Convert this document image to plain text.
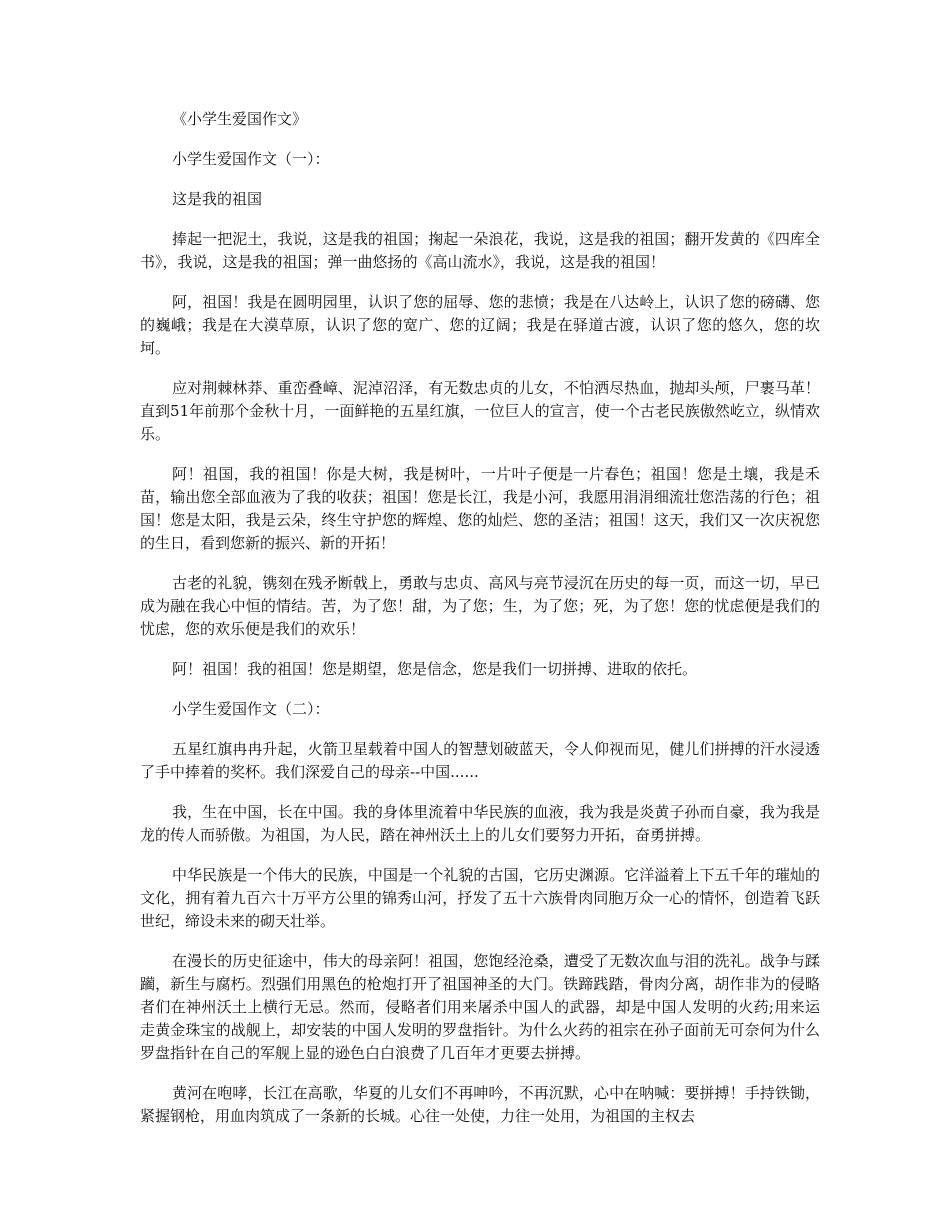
《小学生爱国作文》

小学生爱国作文（一）：

这是我的祖国

捧起一把泥土，我说，这是我的祖国；掬起一朵浪花，我说，这是我的祖国；翻开发黄的《四库全书》，我说，这是我的祖国；弹一曲悠扬的《高山流水》，我说，这是我的祖国！

阿，祖国！我是在圆明园里，认识了您的屈辱、您的悲愤；我是在八达岭上，认识了您的磅礴、您的巍峨；我是在大漠草原，认识了您的宽广、您的辽阔；我是在驿道古渡，认识了您的悠久，您的坎坷。

应对荆棘林莽、重峦叠嶂、泥淖沼泽，有无数忠贞的儿女，不怕洒尽热血，抛却头颅，尸裹马革！直到51年前那个金秋十月，一面鲜艳的五星红旗，一位巨人的宣言，使一个古老民族傲然屹立，纵情欢乐。

阿！祖国，我的祖国！你是大树，我是树叶，一片叶子便是一片春色；祖国！您是土壤，我是禾苗，输出您全部血液为了我的收获；祖国！您是长江，我是小河，我愿用涓涓细流壮您浩荡的行色；祖国！您是太阳，我是云朵，终生守护您的辉煌、您的灿烂、您的圣洁；祖国！这天，我们又一次庆祝您的生日，看到您新的振兴、新的开拓！

古老的礼貌，镌刻在残矛断戟上，勇敢与忠贞、高风与亮节浸沉在历史的每一页，而这一切，早已成为融在我心中恒的情结。苦，为了您！甜，为了您；生，为了您；死，为了您！您的忧虑便是我们的忧虑，您的欢乐便是我们的欢乐！

阿！祖国！我的祖国！您是期望，您是信念，您是我们一切拼搏、进取的依托。

小学生爱国作文（二）：

五星红旗冉冉升起，火箭卫星载着中国人的智慧划破蓝天，令人仰视而见，健儿们拼搏的汗水浸透了手中捧着的奖杯。我们深爱自己的母亲--中国......

我，生在中国，长在中国。我的身体里流着中华民族的血液，我为我是炎黄子孙而自豪，我为我是龙的传人而骄傲。为祖国，为人民，踏在神州沃土上的儿女们要努力开拓，奋勇拼搏。

中华民族是一个伟大的民族，中国是一个礼貌的古国，它历史渊源。它洋溢着上下五千年的璀灿的文化，拥有着九百六十万平方公里的锦秀山河，抒发了五十六族骨肉同胞万众一心的情怀，创造着飞跃世纪，缔设未来的砌天壮举。

在漫长的历史征途中，伟大的母亲阿！祖国，您饱经沧桑，遭受了无数次血与泪的洗礼。战争与蹂躏，新生与腐朽。烈强们用黑色的枪炮打开了祖国神圣的大门。铁蹄践踏，骨肉分离，胡作非为的侵略者们在神州沃土上横行无忌。然而，侵略者们用来屠杀中国人的武器，却是中国人发明的火药;用来运走黄金珠宝的战舰上，却安装的中国人发明的罗盘指针。为什么火药的祖宗在孙子面前无可奈何为什么罗盘指针在自己的军舰上显的逊色白白浪费了几百年才更要去拼搏。

黄河在咆哮，长江在高歌，华夏的儿女们不再呻吟，不再沉默，心中在呐喊：要拼搏！手持铁锄，紧握钢枪，用血肉筑成了一条新的长城。心往一处使，力往一处用，为祖国的主权去
